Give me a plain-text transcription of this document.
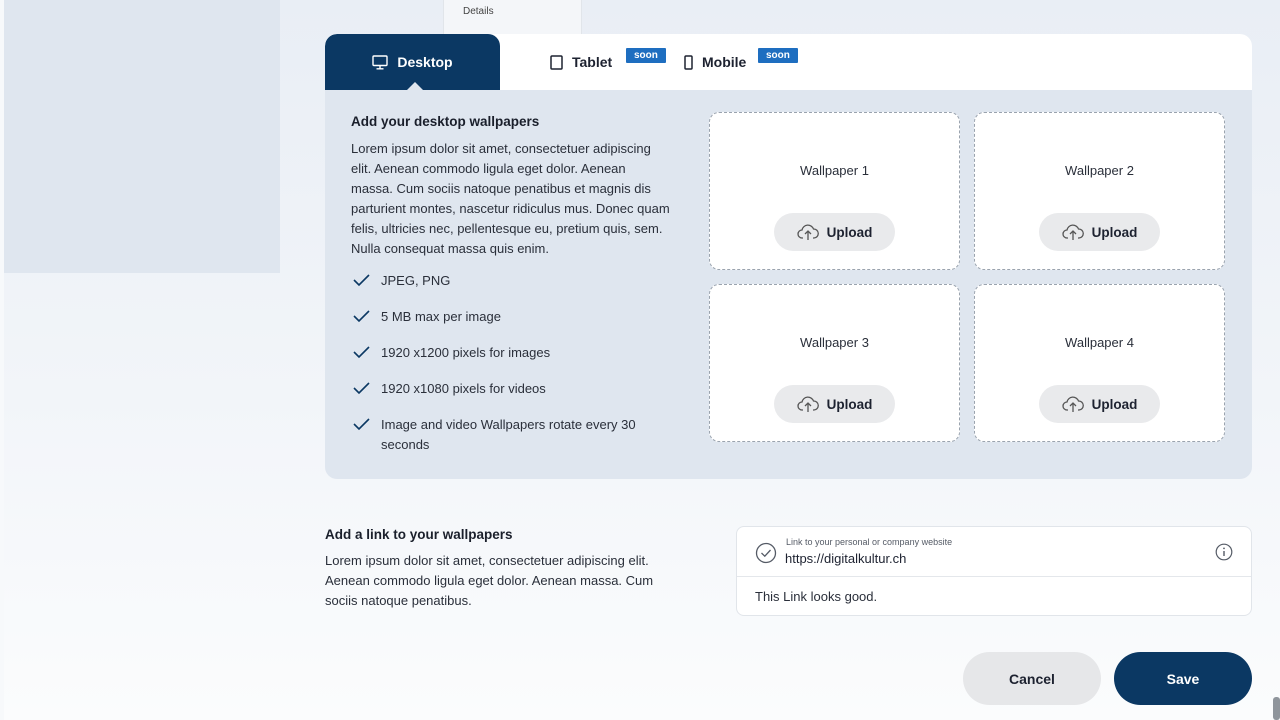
Details
Desktop	Tablet	soon	Mobile	soon
Add your desktop wallpapers

Lorem ipsum dolor sit amet, consectetuer adipiscing elit. Aenean commodo ligula eget dolor. Aenean massa. Cum sociis natoque penatibus et magnis dis parturient montes, nascetur ridiculus mus. Donec quam felis, ultricies nec, pellentesque eu, pretium quis, sem. Nulla consequat massa quis enim.

JPEG, PNG
5 MB max per image
1920 x1200 pixels for images
1920 x1080 pixels for videos
Image and video Wallpapers rotate every 30 seconds
Wallpaper 1
Upload
Wallpaper 2
Upload
Wallpaper 3
Upload
Wallpaper 4
Upload
Add a link to your wallpapers

Lorem ipsum dolor sit amet, consectetuer adipiscing elit. Aenean commodo ligula eget dolor. Aenean massa. Cum sociis natoque penatibus.

Link to your personal or company website
https://digitalkultur.ch
This Link looks good.
Cancel	Save
